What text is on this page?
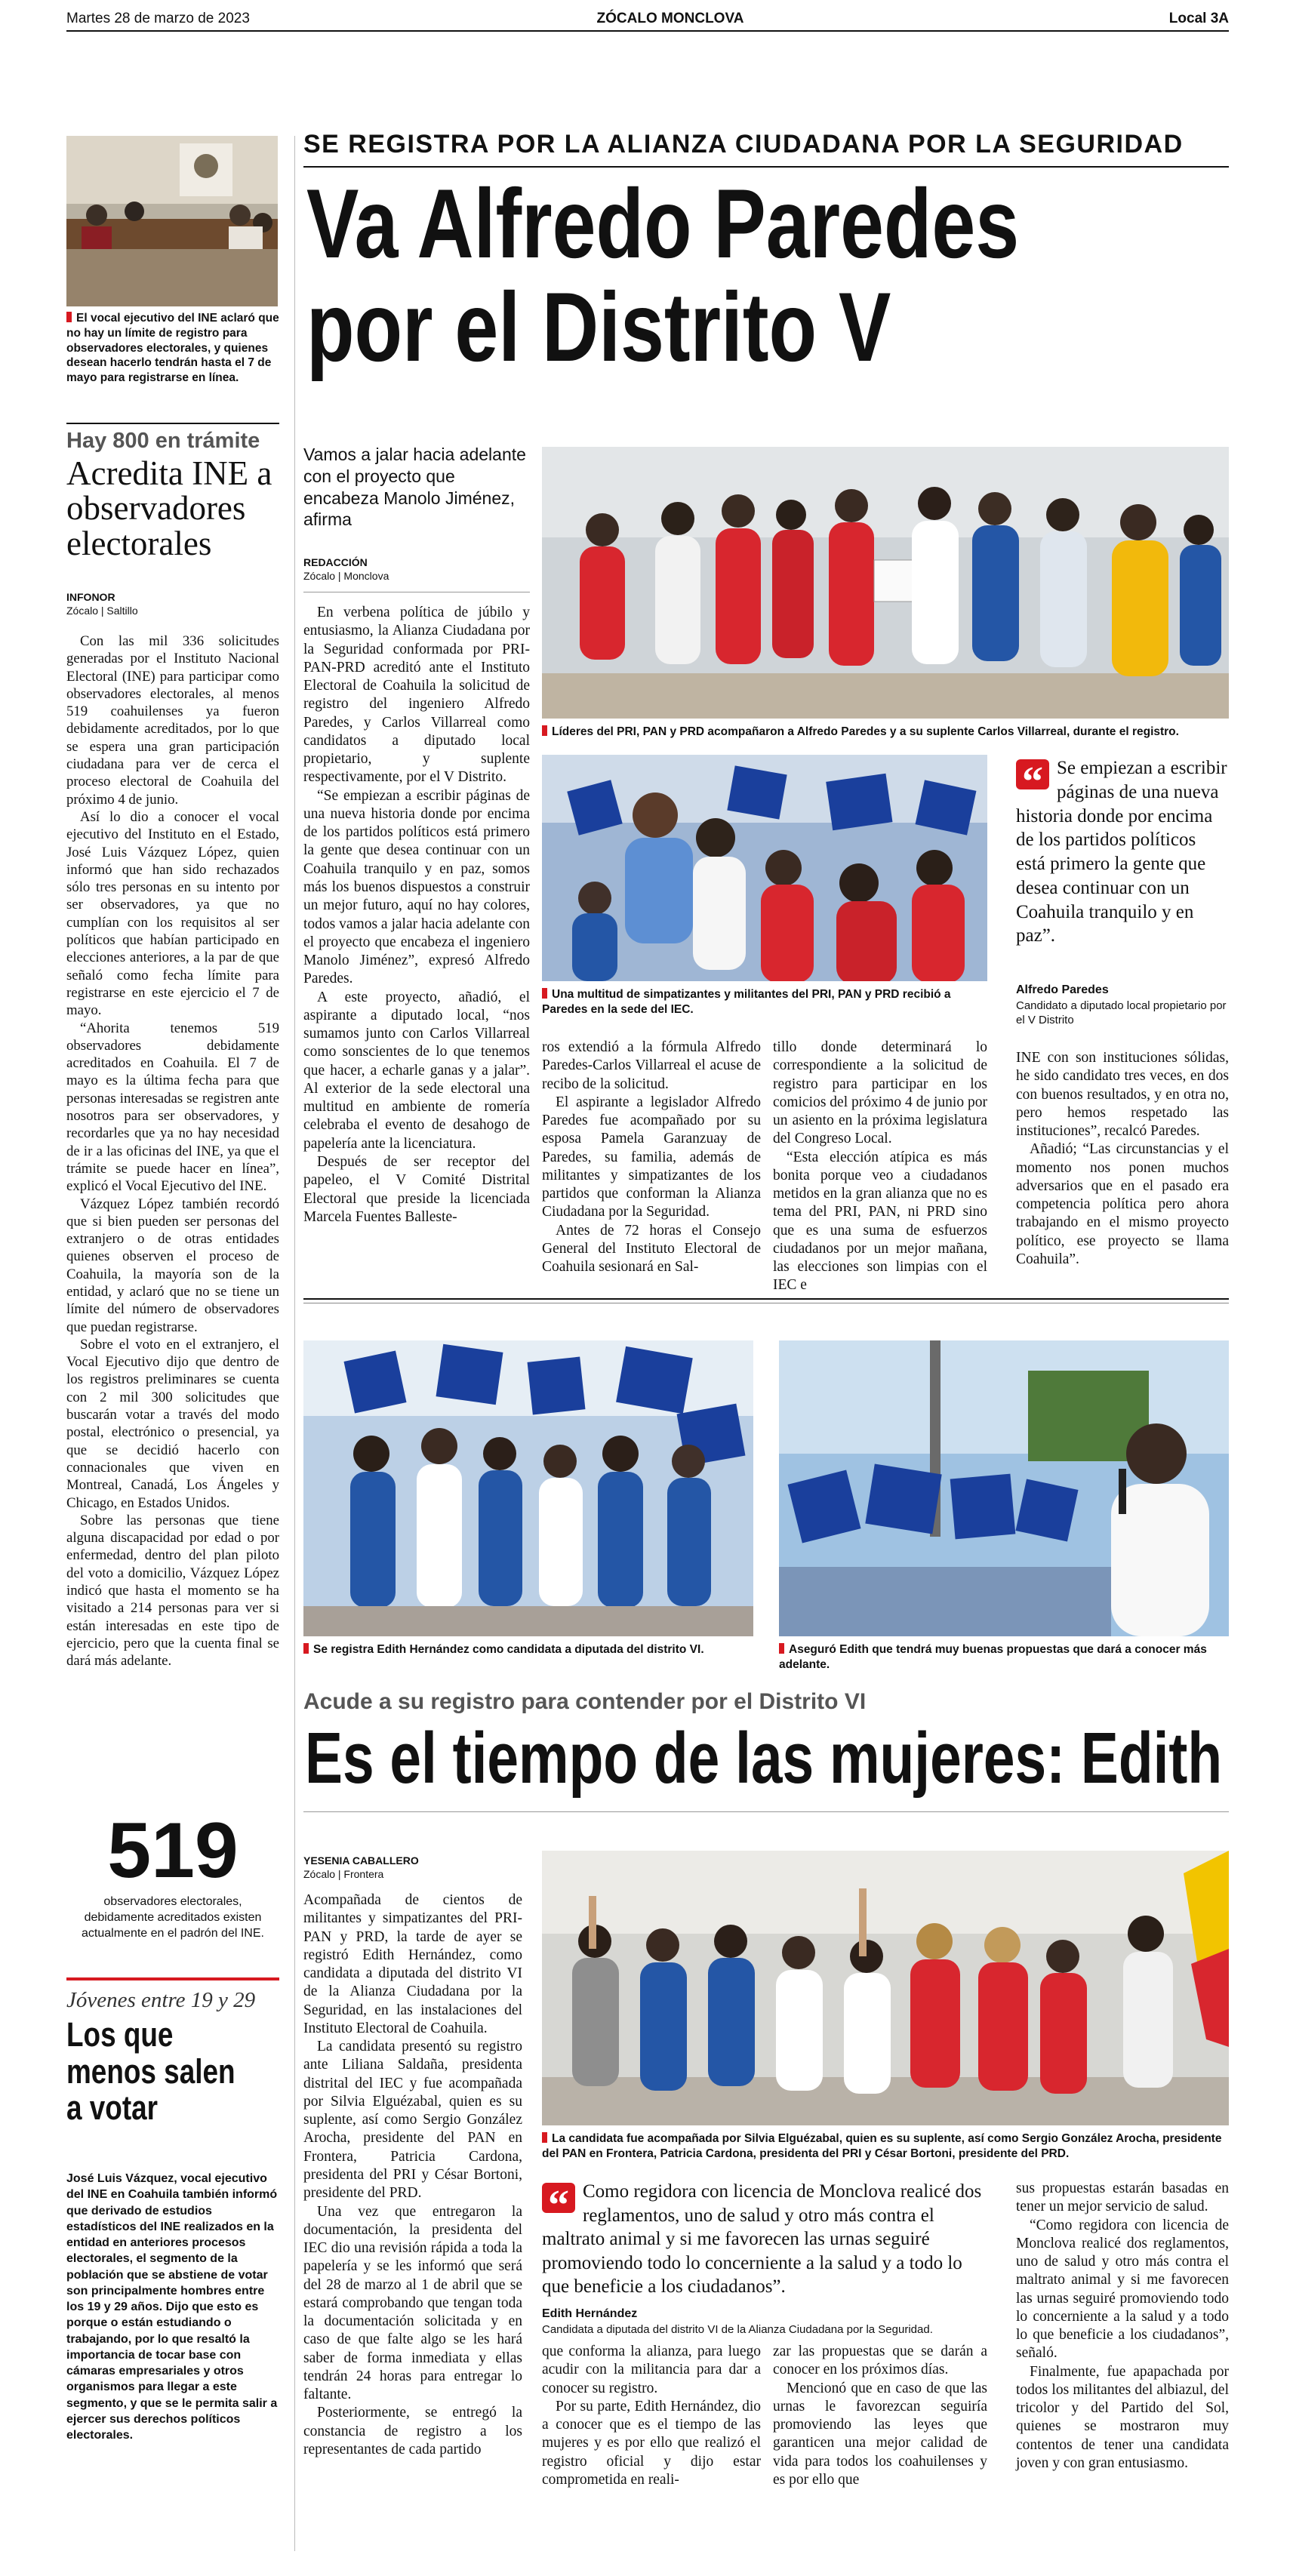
Martes 28 de marzo de 2023	ZÓCALO MONCLOVA	Local 3A
El vocal ejecutivo del INE aclaró que no hay un límite de registro para observadores electorales, y quienes desean hacerlo tendrán hasta el 7 de mayo para registrarse en línea.
Hay 800 en trámite
Acredita INE a observadores electorales
INFONOR
Zócalo | Saltillo

Con las mil 336 solicitudes generadas por el Instituto Nacional Electoral (INE) para participar como observadores electorales, al menos 519 coahuilenses ya fueron debidamente acreditados, por lo que se espera una gran participación ciudadana para ver de cerca el proceso electoral de Coahuila del próximo 4 de junio.

Así lo dio a conocer el vocal ejecutivo del Instituto en el Estado, José Luis Vázquez López, quien informó que han sido rechazados sólo tres personas en su intento por ser observadores, ya que no cumplían con los requisitos al ser políticos que habían participado en elecciones anteriores, a la par de que señaló como fecha límite para registrarse en este ejercicio el 7 de mayo.

“Ahorita tenemos 519 observadores debidamente acreditados en Coahuila. El 7 de mayo es la última fecha para que personas interesadas se registren ante nosotros para ser observadores, y recordarles que ya no hay necesidad de ir a las oficinas del INE, ya que el trámite se puede hacer en línea”, explicó el Vocal Ejecutivo del INE.

Vázquez López también recordó que si bien pueden ser personas del extranjero o de otras entidades quienes observen el proceso de Coahuila, la mayoría son de la entidad, y aclaró que no se tiene un límite del número de observadores que puedan registrarse.

Sobre el voto en el extranjero, el Vocal Ejecutivo dijo que dentro de los registros preliminares se cuenta con 2 mil 300 solicitudes que buscarán votar a través del modo postal, electrónico o presencial, ya que se decidió hacerlo con connacionales que viven en Montreal, Canadá, Los Ángeles y Chicago, en Estados Unidos.

Sobre las personas que tiene alguna discapacidad por edad o por enfermedad, dentro del plan piloto del voto a domicilio, Vázquez López indicó que hasta el momento se ha visitado a 214 personas para ver si están interesadas en este tipo de ejercicio, pero que la cuenta final se dará más adelante.

519
observadores electorales, debidamente acreditados existen actualmente en el padrón del INE.
Jóvenes entre 19 y 29
Los que menos salen a votar
José Luis Vázquez, vocal ejecutivo del INE en Coahuila también informó que derivado de estudios estadísticos del INE realizados en la entidad en anteriores procesos electorales, el segmento de la población que se abstiene de votar son principalmente hombres entre los 19 y 29 años. Dijo que esto es porque o están estudiando o trabajando, por lo que resaltó la importancia de tocar base con cámaras empresariales y otros organismos para llegar a este segmento, y que se le permita salir a ejercer sus derechos políticos electorales.
SE REGISTRA POR LA ALIANZA CIUDADANA POR LA SEGURIDAD
Va Alfredo Paredes
por el Distrito V
Vamos a jalar hacia adelante con el proyecto que encabeza Manolo Jiménez, afirma
REDACCIÓN
Zócalo | Monclova
Líderes del PRI, PAN y PRD acompañaron a Alfredo Paredes y a su suplente Carlos Villarreal, durante el registro.
Una multitud de simpatizantes y militantes del PRI, PAN y PRD recibió a Paredes en la sede del IEC.
“ Se empiezan a escribir páginas de una nueva historia donde por encima de los partidos políticos está primero la gente que desea continuar con un Coahuila tranquilo y en paz”.
Alfredo Paredes
Candidato a diputado local propietario por el V Distrito

En verbena política de júbilo y entusiasmo, la Alianza Ciudadana por la Seguridad conformada por PRI-PAN-PRD acreditó ante el Instituto Electoral de Coahuila la solicitud de registro del ingeniero Alfredo Paredes, y Carlos Villarreal como candidatos a diputado local propietario, y suplente respectivamente, por el V Distrito.

“Se empiezan a escribir páginas de una nueva historia donde por encima de los partidos políticos está primero la gente que desea continuar con un Coahuila tranquilo y en paz, somos más los buenos dispuestos a construir un mejor futuro, aquí no hay colores, todos vamos a jalar hacia adelante con el proyecto que encabeza el ingeniero Manolo Jiménez”, expresó Alfredo Paredes.

A este proyecto, añadió, el aspirante a diputado local, “nos sumamos junto con Carlos Villarreal como sonscientes de lo que tenemos que hacer, a echarle ganas y a jalar”. Al exterior de la sede electoral una multitud en ambiente de romería celebraba el evento de desahogo de papelería ante la licenciatura.

Después de ser receptor del papeleo, el V Comité Distrital Electoral que preside la licenciada Marcela Fuentes Balleste-

ros extendió a la fórmula Alfredo Paredes-Carlos Villarreal el acuse de recibo de la solicitud.

El aspirante a legislador Alfredo Paredes fue acompañado por su esposa Pamela Garanzuay de Paredes, su familia, además de militantes y simpatizantes de los partidos que conforman la Alianza Ciudadana por la Seguridad.

Antes de 72 horas el Consejo General del Instituto Electoral de Coahuila sesionará en Sal-

tillo donde determinará lo correspondiente a la solicitud de registro para participar en los comicios del próximo 4 de junio por un asiento en la próxima legislatura del Congreso Local.

“Esta elección atípica es más bonita porque veo a ciudadanos metidos en la gran alianza que no es tema del PRI, PAN, ni PRD sino que es una suma de esfuerzos ciudadanos por un mejor mañana, las elecciones son limpias con el IEC e

INE con son instituciones sólidas, he sido candidato tres veces, en dos con buenos resultados, y en otra no, pero hemos respetado las instituciones”, recalcó Paredes.

Añadió; “Las circunstancias y el momento nos ponen muchos adversarios que en el pasado era competencia política pero ahora trabajando en el mismo proyecto político, ese proyecto se llama Coahuila”.

Se registra Edith Hernández como candidata a diputada del distrito VI.	Aseguró Edith que tendrá muy buenas propuestas que dará a conocer más adelante.
Acude a su registro para contender por el Distrito VI
Es el tiempo de las mujeres: Edith
YESENIA CABALLERO
Zócalo | Frontera

Acompañada de cientos de militantes y simpatizantes del PRI-PAN y PRD, la tarde de ayer se registró Edith Hernández, como candidata a diputada del distrito VI de la Alianza Ciudadana por la Seguridad, en las instalaciones del Instituto Electoral de Coahuila.

La candidata presentó su registro ante Liliana Saldaña, presidenta distrital del IEC y fue acompañada por Silvia Elguézabal, quien es su suplente, así como Sergio González Arocha, presidente del PAN en Frontera, Patricia Cardona, presidenta del PRI y César Bortoni, presidente del PRD.

Una vez que entregaron la documentación, la presidenta del IEC dio una revisión rápida a toda la papelería y se les informó que será del 28 de marzo al 1 de abril que se estará comprobando que tengan toda la documentación solicitada y en caso de que falte algo se les hará saber de forma inmediata y ellas tendrán 24 horas para entregar lo faltante.

Posteriormente, se entregó la constancia de registro a los representantes de cada partido

La candidata fue acompañada por Silvia Elguézabal, quien es su suplente, así como Sergio González Arocha, presidente del PAN en Frontera, Patricia Cardona, presidenta del PRI y César Bortoni, presidente del PRD.
“ Como regidora con licencia de Monclova realicé dos reglamentos, uno de salud y otro más contra el maltrato animal y si me favorecen las urnas seguiré promoviendo todo lo concerniente a la salud y a todo lo que beneficie a los ciudadanos”.
Edith Hernández
Candidata a diputada del distrito VI de la Alianza Ciudadana por la Seguridad.

que conforma la alianza, para luego acudir con la militancia para dar a conocer su registro.

Por su parte, Edith Hernández, dio a conocer que es el tiempo de las mujeres y es por ello que realizó el registro oficial y dijo estar comprometida en reali-

zar las propuestas que se darán a conocer en los próximos días.

Mencionó que en caso de que las urnas le favorezcan seguiría promoviendo las leyes que garanticen una mejor calidad de vida para todos los coahuilenses y es por ello que

sus propuestas estarán basadas en tener un mejor servicio de salud.

“Como regidora con licencia de Monclova realicé dos reglamentos, uno de salud y otro más contra el maltrato animal y si me favorecen las urnas seguiré promoviendo todo lo concerniente a la salud y a todo lo que beneficie a los ciudadanos”, señaló.

Finalmente, fue apapachada por todos los militantes del albiazul, del tricolor y del Partido del Sol, quienes se mostraron muy contentos de tener una candidata joven y con gran entusiasmo.
